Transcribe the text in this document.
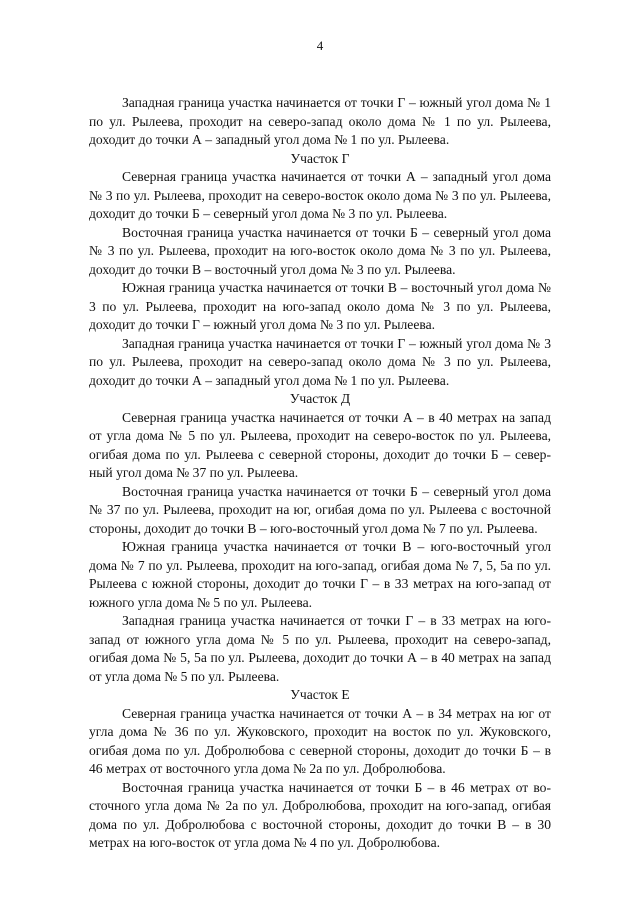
4

Западная граница участка начинается от точки Г – южный угол дома № 1 по ул. Рылеева, проходит на северо-запад около дома № 1 по ул. Рылеева, доходит до точки А – западный угол дома № 1 по ул. Рылеева.

Участок Г

Северная граница участка начинается от точки А – западный угол дома № 3 по ул. Рылеева, проходит на северо-восток около дома № 3 по ул. Рылеева, доходит до точки Б – северный угол дома № 3 по ул. Рылеева.

Восточная граница участка начинается от точки Б – северный угол дома № 3 по ул. Рылеева, проходит на юго-восток около дома № 3 по ул. Рылеева, доходит до точки В – восточный угол дома № 3 по ул. Рылеева.

Южная граница участка начинается от точки В – восточный угол дома № 3 по ул. Рылеева, проходит на юго-запад около дома № 3 по ул. Рылеева, доходит до точки Г – южный угол дома № 3 по ул. Рылеева.

Западная граница участка начинается от точки Г – южный угол дома № 3 по ул. Рылеева, проходит на северо-запад около дома № 3 по ул. Рылеева, доходит до точки А – западный угол дома № 1 по ул. Рылеева.

Участок Д

Северная граница участка начинается от точки А – в 40 метрах на запад от угла дома № 5 по ул. Рылеева, проходит на северо-восток по ул. Рылеева, огибая дома по ул. Рылеева с северной стороны, доходит до точки Б – северный угол дома № 37 по ул. Рылеева.

Восточная граница участка начинается от точки Б – северный угол дома № 37 по ул. Рылеева, проходит на юг, огибая дома по ул. Рылеева с восточной стороны, доходит до точки В – юго-восточный угол дома № 7 по ул. Рылеева.

Южная граница участка начинается от точки В – юго-восточный угол дома № 7 по ул. Рылеева, проходит на юго-запад, огибая дома № 7, 5, 5а по ул. Рылеева с южной стороны, доходит до точки Г – в 33 метрах на юго-запад от южного угла дома № 5 по ул. Рылеева.

Западная граница участка начинается от точки Г – в 33 метрах на юго-запад от южного угла дома № 5 по ул. Рылеева, проходит на северо-запад, огибая дома № 5, 5а по ул. Рылеева, доходит до точки А – в 40 метрах на запад от угла дома № 5 по ул. Рылеева.

Участок Е

Северная граница участка начинается от точки А – в 34 метрах на юг от угла дома № 36 по ул. Жуковского, проходит на восток по ул. Жуковского, огибая дома по ул. Добролюбова с северной стороны, доходит до точки Б – в 46 метрах от восточного угла дома № 2а по ул. Добролюбова.

Восточная граница участка начинается от точки Б – в 46 метрах от восточного угла дома № 2а по ул. Добролюбова, проходит на юго-запад, огибая дома по ул. Добролюбова с восточной стороны, доходит до точки В – в 30 метрах на юго-восток от угла дома № 4 по ул. Добролюбова.
